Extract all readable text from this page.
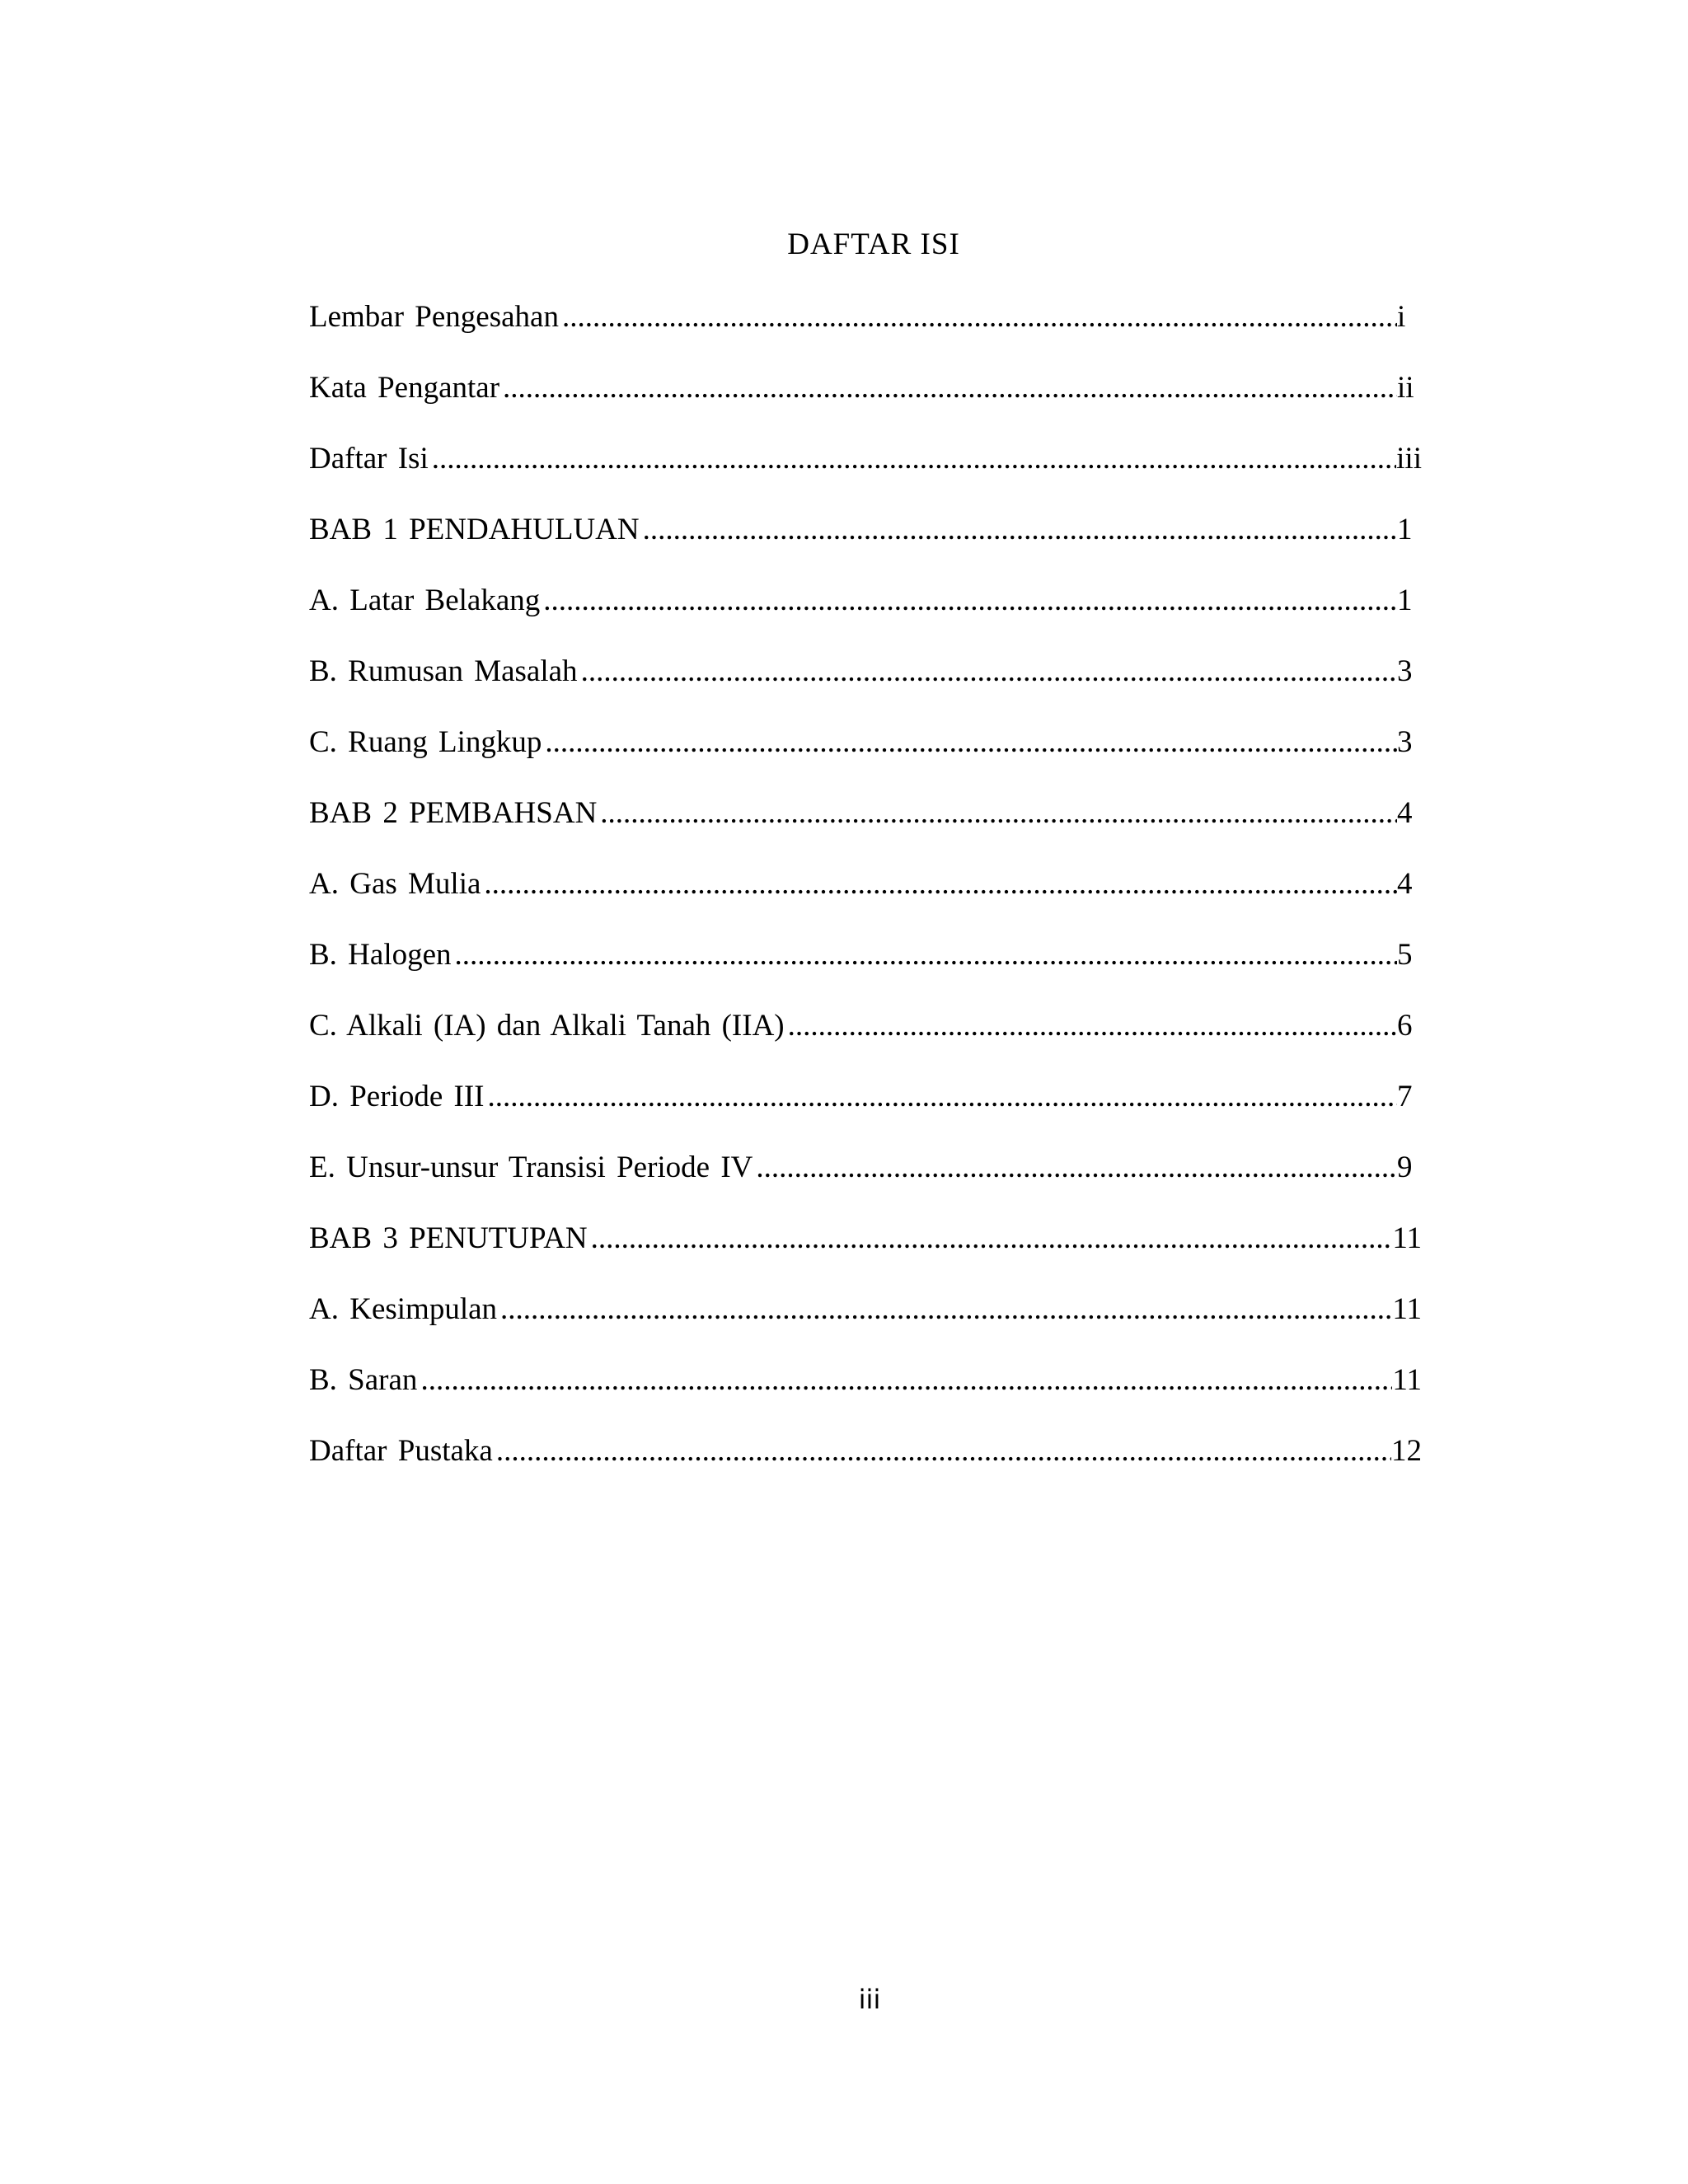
DAFTAR ISI
Lembar Pengesahan .....	i
Kata Pengantar .....	ii
Daftar Isi .....	iii
BAB 1 PENDAHULUAN .....	1
A. Latar Belakang .....	1
B. Rumusan Masalah .....	3
C. Ruang Lingkup .....	3
BAB 2 PEMBAHSAN .....	4
A. Gas Mulia .....	4
B. Halogen .....	5
C. Alkali (IA) dan Alkali Tanah (IIA) .....	6
D. Periode III .....	7
E. Unsur-unsur Transisi Periode IV .....	9
BAB 3 PENUTUPAN .....	11
A. Kesimpulan .....	11
B. Saran .....	11
Daftar Pustaka .....	12
iii
